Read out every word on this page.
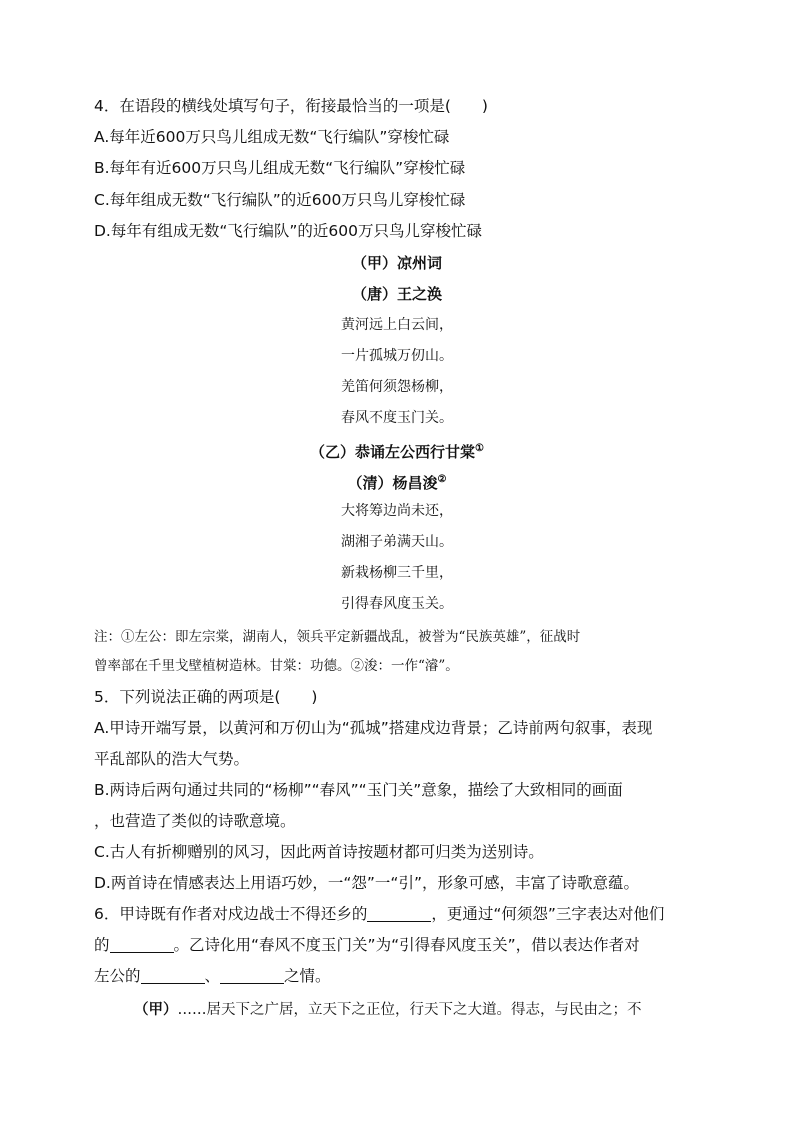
4．在语段的横线处填写句子，衔接最恰当的一项是(　　)
A.每年近600万只鸟儿组成无数“飞行编队”穿梭忙碌
B.每年有近600万只鸟儿组成无数“飞行编队”穿梭忙碌
C.每年组成无数“飞行编队”的近600万只鸟儿穿梭忙碌
D.每年有组成无数“飞行编队”的近600万只鸟儿穿梭忙碌
（甲）凉州词
（唐）王之涣
黄河远上白云间，
一片孤城万仞山。
羌笛何须怨杨柳，
春风不度玉门关。
（乙）恭诵左公西行甘棠①
（清）杨昌浚②
大将筹边尚未还，
湖湘子弟满天山。
新栽杨柳三千里，
引得春风度玉关。
注：①左公：即左宗棠，湖南人，领兵平定新疆战乱，被誉为“民族英雄”，征战时
曾率部在千里戈壁植树造林。甘棠：功德。②浚：一作“濬”。
5．下列说法正确的两项是(　　)
A.甲诗开端写景，以黄河和万仞山为“孤城”搭建戍边背景；乙诗前两句叙事，表现
平乱部队的浩大气势。
B.两诗后两句通过共同的“杨柳”“春风”“玉门关”意象，描绘了大致相同的画面
，也营造了类似的诗歌意境。
C.古人有折柳赠别的风习，因此两首诗按题材都可归类为送别诗。
D.两首诗在情感表达上用语巧妙，一“怨”一“引”，形象可感，丰富了诗歌意蕴。
6．甲诗既有作者对戍边战士不得还乡的	，更通过“何须怨”三字表达对他们
的	。乙诗化用“春风不度玉门关”为“引得春风度玉关”，借以表达作者对
左公的	、	之情。
（甲）……居天下之广居，立天下之正位，行天下之大道。得志，与民由之；不
